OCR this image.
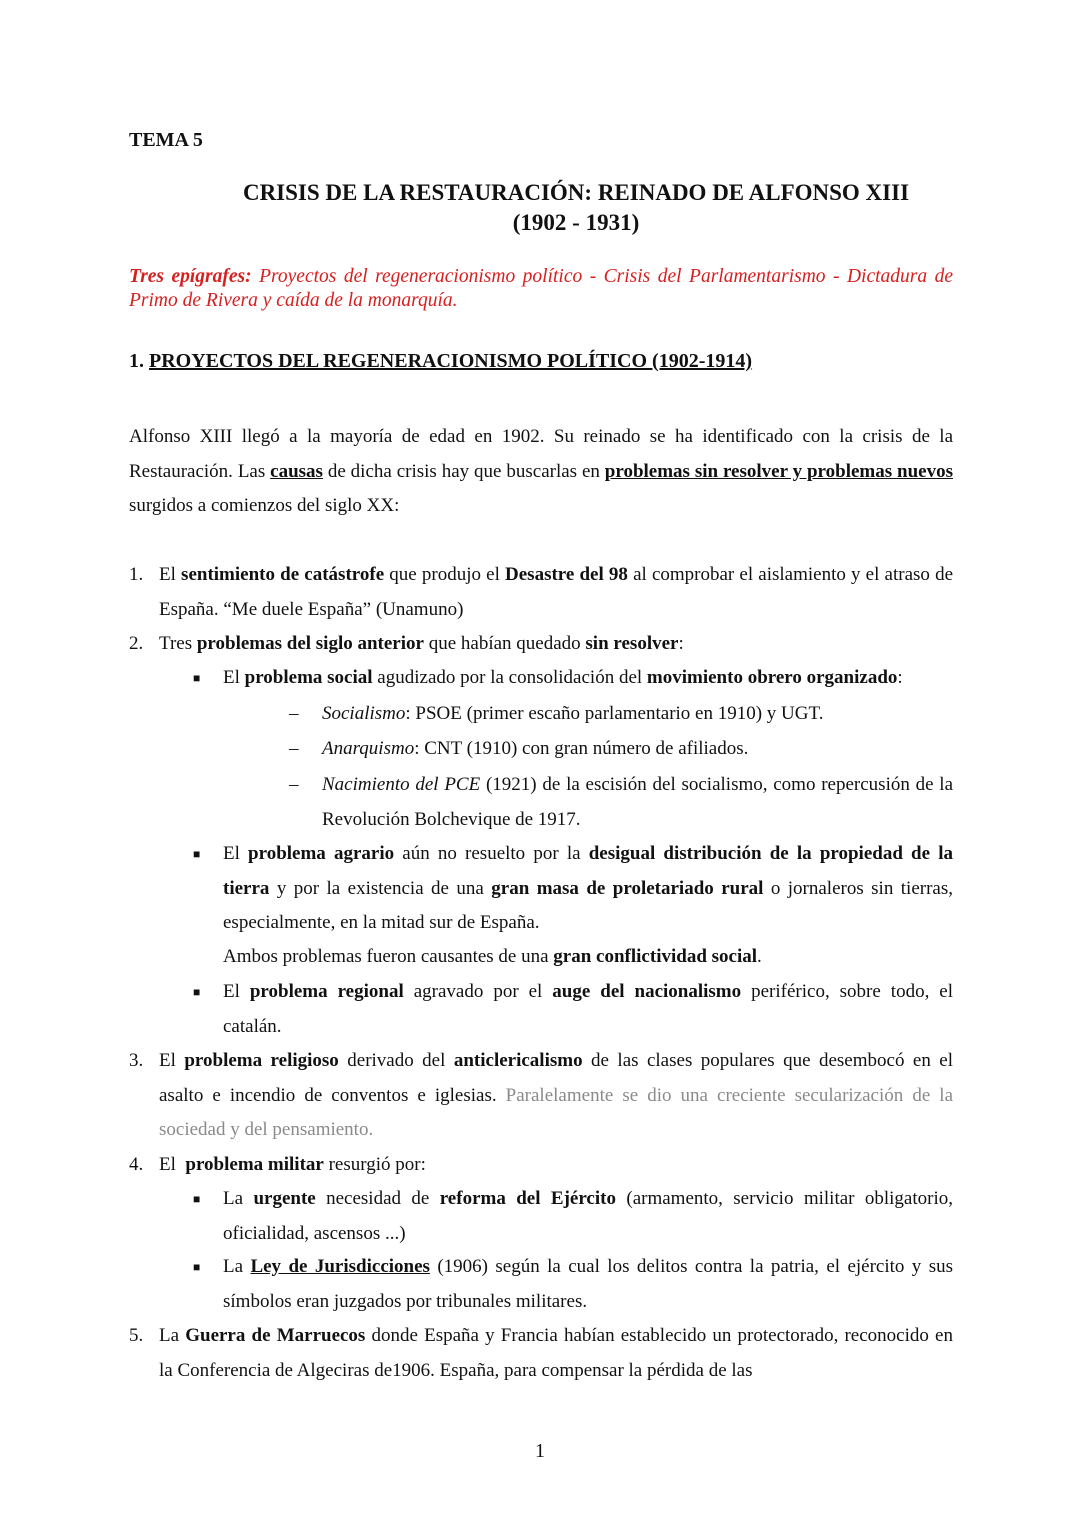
TEMA 5
CRISIS DE LA RESTAURACIÓN: REINADO DE ALFONSO XIII
(1902 - 1931)
Tres epígrafes: Proyectos del regeneracionismo político - Crisis del Parlamentarismo - Dictadura de Primo de Rivera y caída de la monarquía.
1. PROYECTOS DEL REGENERACIONISMO POLÍTICO (1902-1914)
Alfonso XIII llegó a la mayoría de edad en 1902. Su reinado se ha identificado con la crisis de la Restauración. Las causas de dicha crisis hay que buscarlas en problemas sin resolver y problemas nuevos surgidos a comienzos del siglo XX:
1. El sentimiento de catástrofe que produjo el Desastre del 98 al comprobar el aislamiento y el atraso de España. “Me duele España” (Unamuno)
2. Tres problemas del siglo anterior que habían quedado sin resolver:
■ El problema social agudizado por la consolidación del movimiento obrero organizado:
– Socialismo: PSOE (primer escaño parlamentario en 1910) y UGT.
– Anarquismo: CNT (1910) con gran número de afiliados.
– Nacimiento del PCE (1921) de la escisión del socialismo, como repercusión de la Revolución Bolchevique de 1917.
■ El problema agrario aún no resuelto por la desigual distribución de la propiedad de la tierra y por la existencia de una gran masa de proletariado rural o jornaleros sin tierras, especialmente, en la mitad sur de España.
Ambos problemas fueron causantes de una gran conflictividad social.
■ El problema regional agravado por el auge del nacionalismo periférico, sobre todo, el catalán.
3. El problema religioso derivado del anticlericalismo de las clases populares que desembocó en el asalto e incendio de conventos e iglesias. Paralelamente se dio una creciente secularización de la sociedad y del pensamiento.
4. El  problema militar resurgió por:
■ La urgente necesidad de reforma del Ejército (armamento, servicio militar obligatorio, oficialidad, ascensos ...)
■ La Ley de Jurisdicciones (1906) según la cual los delitos contra la patria, el ejército y sus símbolos eran juzgados por tribunales militares.
5. La Guerra de Marruecos donde España y Francia habían establecido un protectorado, reconocido en la Conferencia de Algeciras de1906. España, para compensar la pérdida de las
1
